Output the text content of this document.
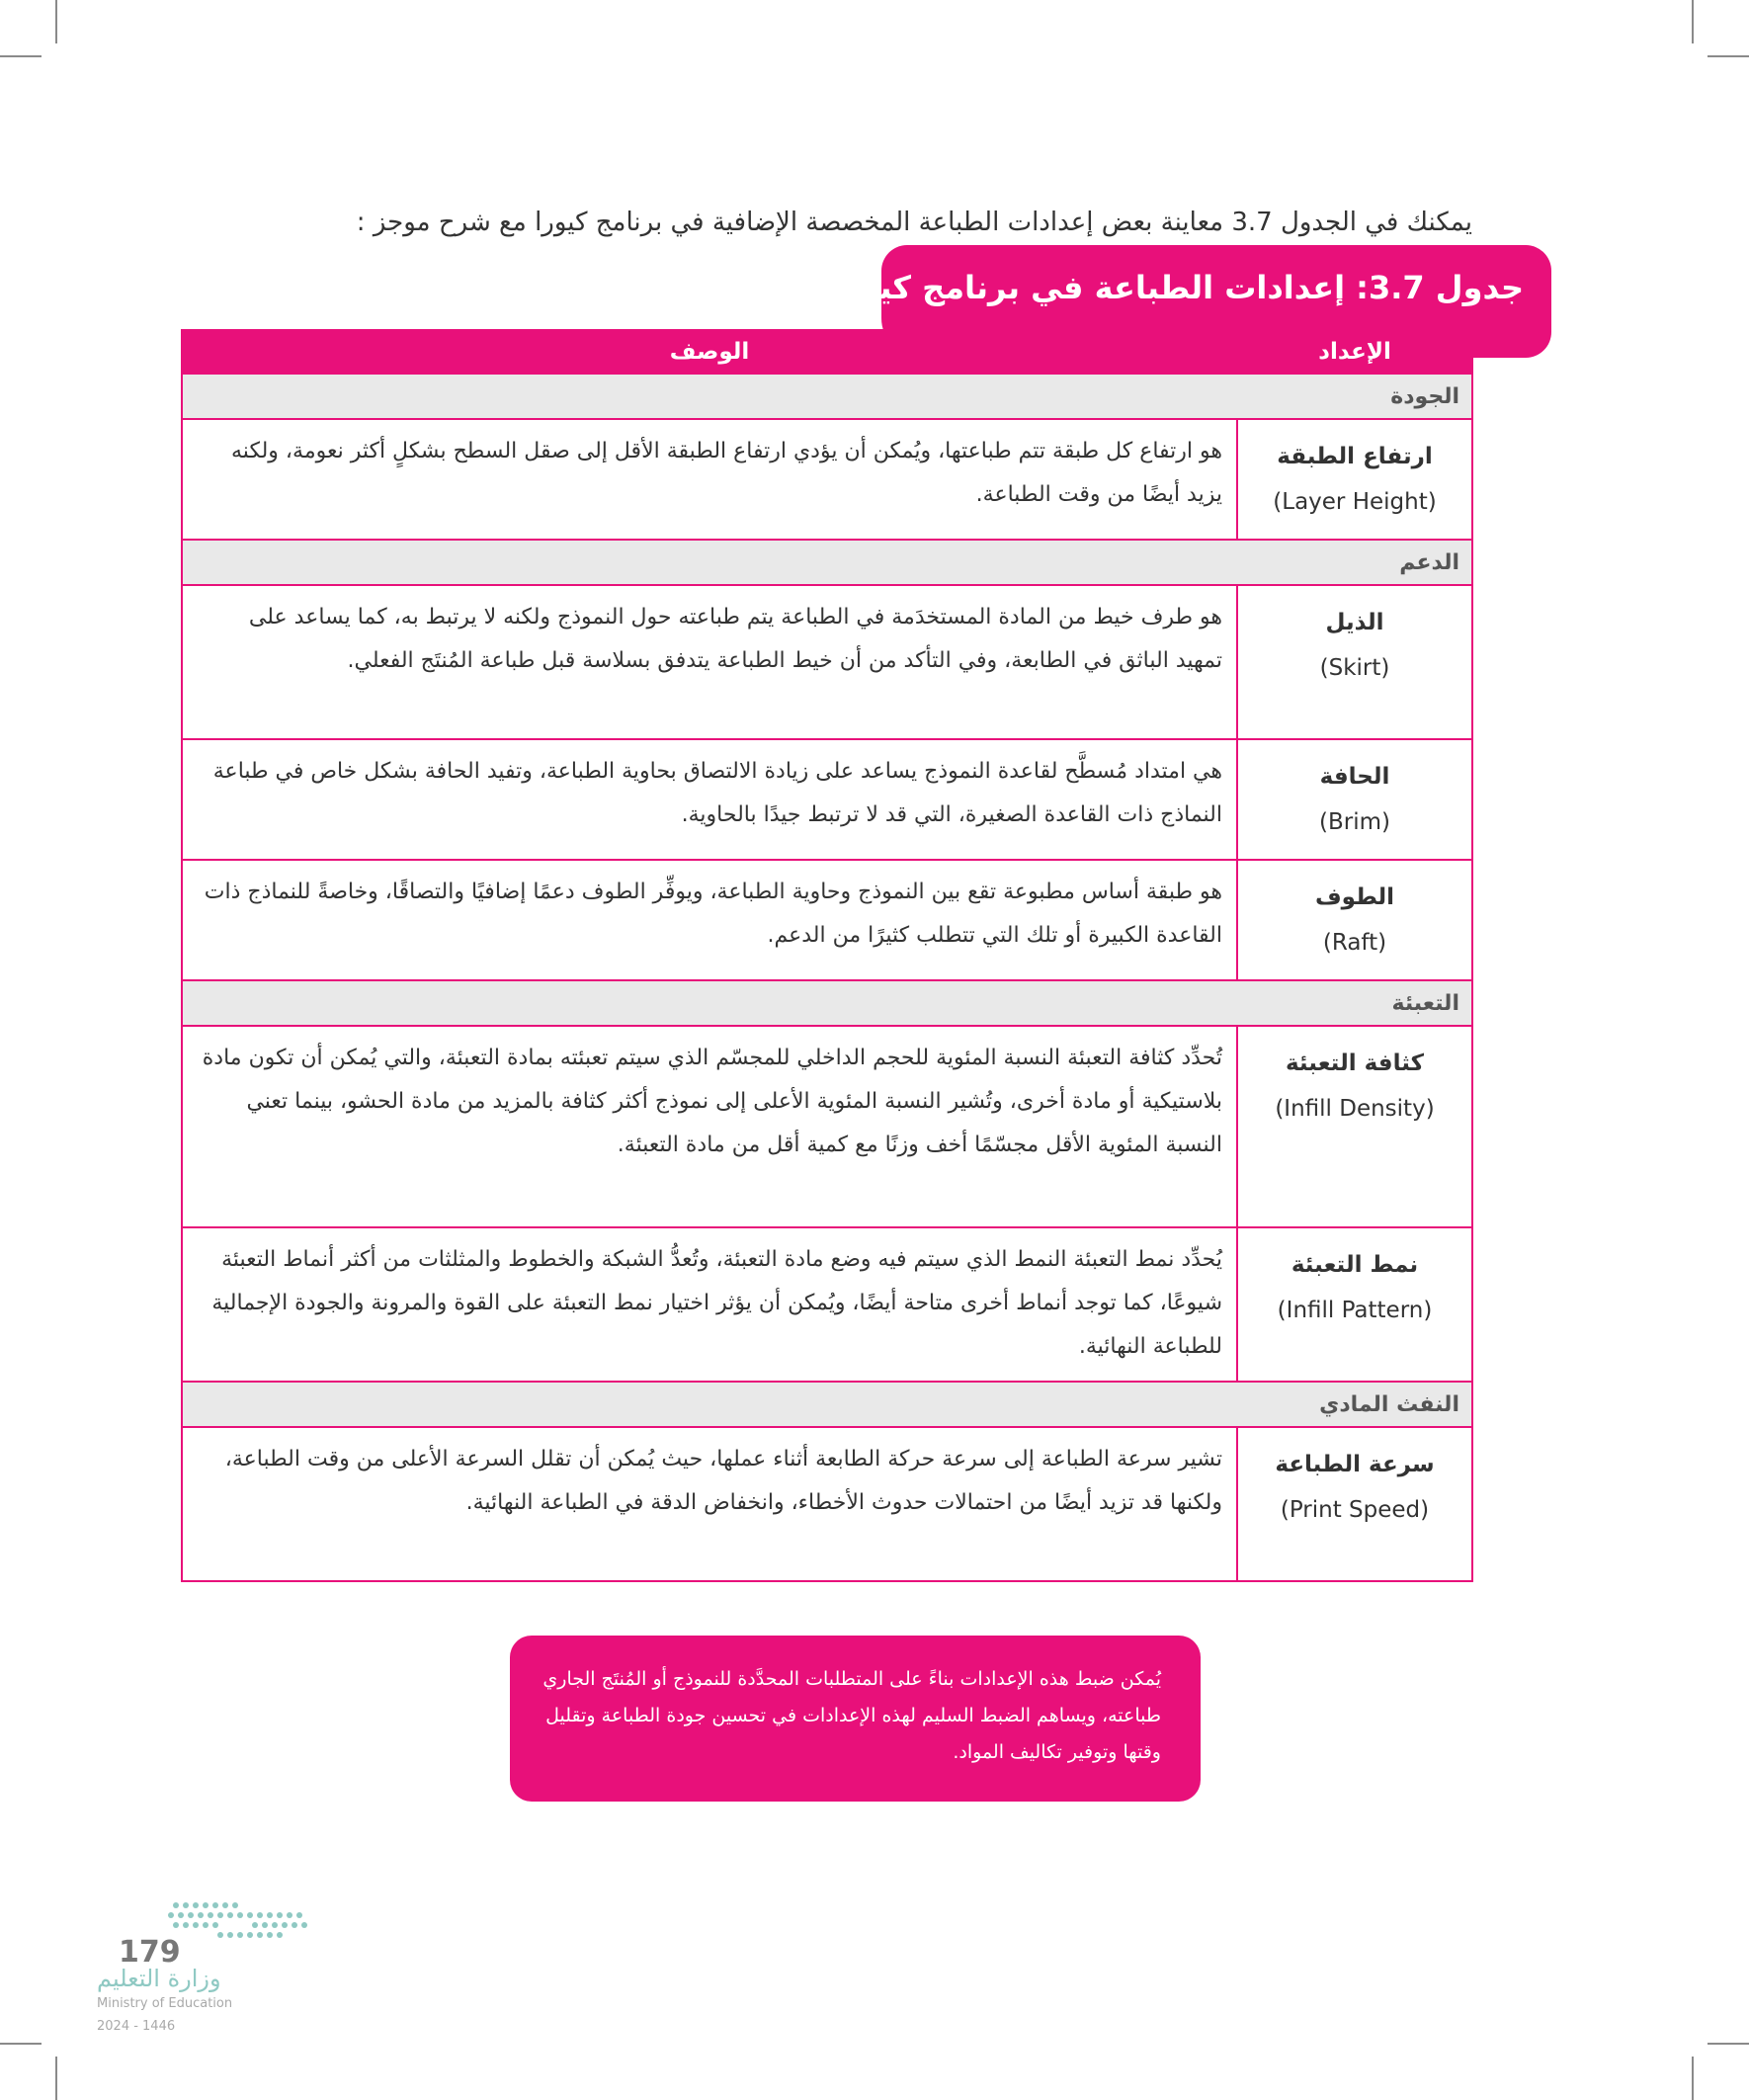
يمكنك في الجدول 3.7 معاينة بعض إعدادات الطباعة المخصصة الإضافية في برنامج كيورا مع شرح موجز :

جدول 3.7: إعدادات الطباعة في برنامج كيورا
الإعداد	الوصف
الجودة	

ارتفاع الطبقة
(Layer Height)	هو ارتفاع كل طبقة تتم طباعتها، ويُمكن أن يؤدي ارتفاع الطبقة الأقل إلى صقل السطح بشكلٍ أكثر نعومة، ولكنه يزيد أيضًا من وقت الطباعة.
الدعم	

الذيل
(Skirt)	هو طرف خيط من المادة المستخدَمة في الطباعة يتم طباعته حول النموذج ولكنه لا يرتبط به، كما يساعد على تمهيد الباثق في الطابعة، وفي التأكد من أن خيط الطباعة يتدفق بسلاسة قبل طباعة المُنتَج الفعلي.

الحافة
(Brim)	هي امتداد مُسطَّح لقاعدة النموذج يساعد على زيادة الالتصاق بحاوية الطباعة، وتفيد الحافة بشكل خاص في طباعة النماذج ذات القاعدة الصغيرة، التي قد لا ترتبط جيدًا بالحاوية.

الطوف
(Raft)	هو طبقة أساس مطبوعة تقع بين النموذج وحاوية الطباعة، ويوفِّر الطوف دعمًا إضافيًا والتصاقًا، وخاصةً للنماذج ذات القاعدة الكبيرة أو تلك التي تتطلب كثيرًا من الدعم.
التعبئة	

كثافة التعبئة
(Infill Density)	تُحدِّد كثافة التعبئة النسبة المئوية للحجم الداخلي للمجسّم الذي سيتم تعبئته بمادة التعبئة، والتي يُمكن أن تكون مادة بلاستيكية أو مادة أخرى، وتُشير النسبة المئوية الأعلى إلى نموذج أكثر كثافة بالمزيد من مادة الحشو، بينما تعني النسبة المئوية الأقل مجسّمًا أخف وزنًا مع كمية أقل من مادة التعبئة.

نمط التعبئة
(Infill Pattern)	يُحدِّد نمط التعبئة النمط الذي سيتم فيه وضع مادة التعبئة، وتُعدُّ الشبكة والخطوط والمثلثات من أكثر أنماط التعبئة شيوعًا، كما توجد أنماط أخرى متاحة أيضًا، ويُمكن أن يؤثر اختيار نمط التعبئة على القوة والمرونة والجودة الإجمالية للطباعة النهائية.
النفث المادي	

سرعة الطباعة
(Print Speed)	تشير سرعة الطباعة إلى سرعة حركة الطابعة أثناء عملها، حيث يُمكن أن تقلل السرعة الأعلى من وقت الطباعة، ولكنها قد تزيد أيضًا من احتمالات حدوث الأخطاء، وانخفاض الدقة في الطباعة النهائية.
يُمكن ضبط هذه الإعدادات بناءً على المتطلبات المحدَّدة للنموذج أو المُنتَج الجاري طباعته، ويساهم الضبط السليم لهذه الإعدادات في تحسين جودة الطباعة وتقليل وقتها وتوفير تكاليف المواد.
179
وزارة التعليم
Ministry of Education
2024 - 1446
